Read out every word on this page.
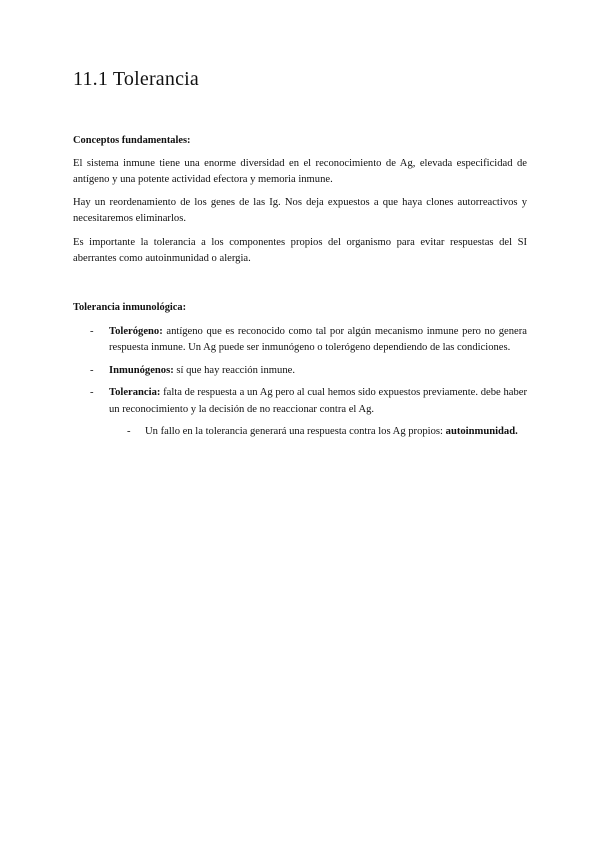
11.1 Tolerancia

Conceptos fundamentales:

El sistema inmune tiene una enorme diversidad en el reconocimiento de Ag, elevada especificidad de antígeno y una potente actividad efectora y memoria inmune.

Hay un reordenamiento de los genes de las Ig. Nos deja expuestos a que haya clones autorreactivos y necesitaremos eliminarlos.

Es importante la tolerancia a los componentes propios del organismo para evitar respuestas del SI aberrantes como autoinmunidad o alergia.

Tolerancia inmunológica:

- Tolerógeno: antígeno que es reconocido como tal por algún mecanismo inmune pero no genera respuesta inmune. Un Ag puede ser inmunógeno o tolerógeno dependiendo de las condiciones.
- Inmunógenos: sí que hay reacción inmune.
- Tolerancia: falta de respuesta a un Ag pero al cual hemos sido expuestos previamente. debe haber un reconocimiento y la decisión de no reaccionar contra el Ag.
- Un fallo en la tolerancia generará una respuesta contra los Ag propios: autoinmunidad.
